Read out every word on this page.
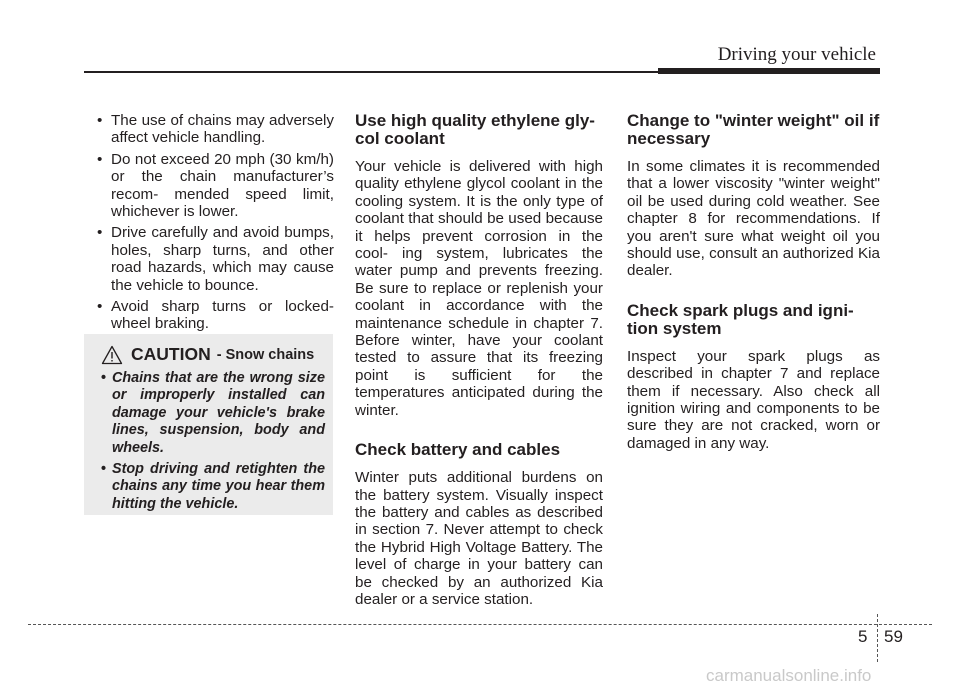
Driving your vehicle
• The use of chains may adversely affect vehicle handling.
• Do not exceed 20 mph (30 km/h) or the chain manufacturer’s recom- mended speed limit, whichever is lower.
• Drive carefully and avoid bumps, holes, sharp turns, and other road hazards, which may cause the vehicle to bounce.
• Avoid sharp turns or locked-wheel braking.
CAUTION - Snow chains
• Chains that are the wrong size or improperly installed can damage your vehicle's brake lines, suspension, body and wheels.
• Stop driving and retighten the chains any time you hear them hitting the vehicle.
Use high quality ethylene gly- col coolant

Your vehicle is delivered with high quality ethylene glycol coolant in the cooling system. It is the only type of coolant that should be used because it helps prevent corrosion in the cool- ing system, lubricates the water pump and prevents freezing. Be sure to replace or replenish your coolant in accordance with the maintenance schedule in chapter 7. Before winter, have your coolant tested to assure that its freezing point is sufficient for the temperatures anticipated during the winter.

Check battery and cables

Winter puts additional burdens on the battery system. Visually inspect the battery and cables as described in section 7. Never attempt to check the Hybrid High Voltage Battery. The level of charge in your battery can be checked by an authorized Kia dealer or a service station.

Change to "winter weight" oil if necessary

In some climates it is recommended that a lower viscosity "winter weight" oil be used during cold weather. See chapter 8 for recommendations. If you aren't sure what weight oil you should use, consult an authorized Kia dealer.

Check spark plugs and igni- tion system

Inspect your spark plugs as described in chapter 7 and replace them if necessary. Also check all ignition wiring and components to be sure they are not cracked, worn or damaged in any way.

5 59
carmanualsonline.info
